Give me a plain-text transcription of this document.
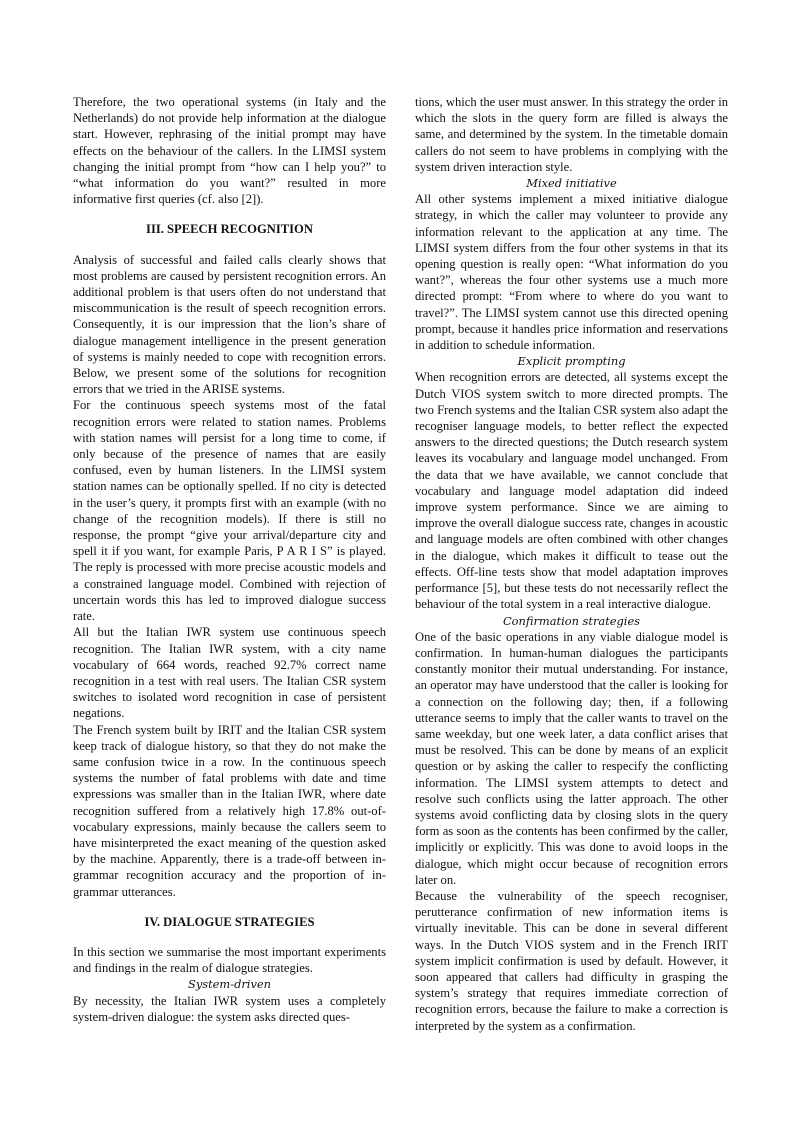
Therefore, the two operational systems (in Italy and the Netherlands) do not provide help information at the dialogue start. However, rephrasing of the initial prompt may have effects on the behaviour of the callers. In the LIMSI system changing the initial prompt from “how can I help you?” to “what information do you want?” resulted in more informative first queries (cf. also [2]).

III. SPEECH RECOGNITION

Analysis of successful and failed calls clearly shows that most problems are caused by persistent recognition errors. An additional problem is that users often do not understand that miscommunication is the result of speech recognition errors. Consequently, it is our impression that the lion’s share of dialogue management intelligence in the present generation of systems is mainly needed to cope with recognition errors. Below, we present some of the solutions for recognition errors that we tried in the ARISE systems.

For the continuous speech systems most of the fatal recognition errors were related to station names. Problems with station names will persist for a long time to come, if only because of the presence of names that are easily confused, even by human listeners. In the LIMSI system station names can be optionally spelled. If no city is detected in the user’s query, it prompts first with an example (with no change of the recognition models). If there is still no response, the prompt “give your arrival/departure city and spell it if you want, for example Paris, P A R I S” is played. The reply is processed with more precise acoustic models and a constrained language model. Combined with rejection of uncertain words this has led to improved dialogue success rate.

All but the Italian IWR system use continuous speech recognition. The Italian IWR system, with a city name vocabulary of 664 words, reached 92.7% correct name recognition in a test with real users. The Italian CSR system switches to isolated word recognition in case of persistent negations.

The French system built by IRIT and the Italian CSR system keep track of dialogue history, so that they do not make the same confusion twice in a row. In the continuous speech systems the number of fatal problems with date and time expressions was smaller than in the Italian IWR, where date recognition suffered from a relatively high 17.8% out-of-vocabulary expressions, mainly because the callers seem to have misinterpreted the exact meaning of the question asked by the machine. Apparently, there is a trade-off between in-grammar recognition accuracy and the proportion of in-grammar utterances.

IV. DIALOGUE STRATEGIES

In this section we summarise the most important experiments and findings in the realm of dialogue strategies.

System-driven

By necessity, the Italian IWR system uses a completely system-driven dialogue: the system asks directed ques-

tions, which the user must answer. In this strategy the order in which the slots in the query form are filled is always the same, and determined by the system. In the timetable domain callers do not seem to have problems in complying with the system driven interaction style.

Mixed initiative

All other systems implement a mixed initiative dialogue strategy, in which the caller may volunteer to provide any information relevant to the application at any time. The LIMSI system differs from the four other systems in that its opening question is really open: “What information do you want?”, whereas the four other systems use a much more directed prompt: “From where to where do you want to travel?”. The LIMSI system cannot use this directed opening prompt, because it handles price information and reservations in addition to schedule information.

Explicit prompting

When recognition errors are detected, all systems except the Dutch VIOS system switch to more directed prompts. The two French systems and the Italian CSR system also adapt the recogniser language models, to better reflect the expected answers to the directed questions; the Dutch research system leaves its vocabulary and language model unchanged. From the data that we have available, we cannot conclude that vocabulary and language model adaptation did indeed improve system performance. Since we are aiming to improve the overall dialogue success rate, changes in acoustic and language models are often combined with other changes in the dialogue, which makes it difficult to tease out the effects. Off-line tests show that model adaptation improves performance [5], but these tests do not necessarily reflect the behaviour of the total system in a real interactive dialogue.

Confirmation strategies

One of the basic operations in any viable dialogue model is confirmation. In human-human dialogues the participants constantly monitor their mutual understanding. For instance, an operator may have understood that the caller is looking for a connection on the following day; then, if a following utterance seems to imply that the caller wants to travel on the same weekday, but one week later, a data conflict arises that must be resolved. This can be done by means of an explicit question or by asking the caller to respecify the conflicting information. The LIMSI system attempts to detect and resolve such conflicts using the latter approach. The other systems avoid conflicting data by closing slots in the query form as soon as the contents has been confirmed by the caller, implicitly or explicitly. This was done to avoid loops in the dialogue, which might occur because of recognition errors later on.

Because the vulnerability of the speech recogniser, perutterance confirmation of new information items is virtually inevitable. This can be done in several different ways. In the Dutch VIOS system and in the French IRIT system implicit confirmation is used by default. However, it soon appeared that callers had difficulty in grasping the system’s strategy that requires immediate correction of recognition errors, because the failure to make a correction is interpreted by the system as a confirmation.
